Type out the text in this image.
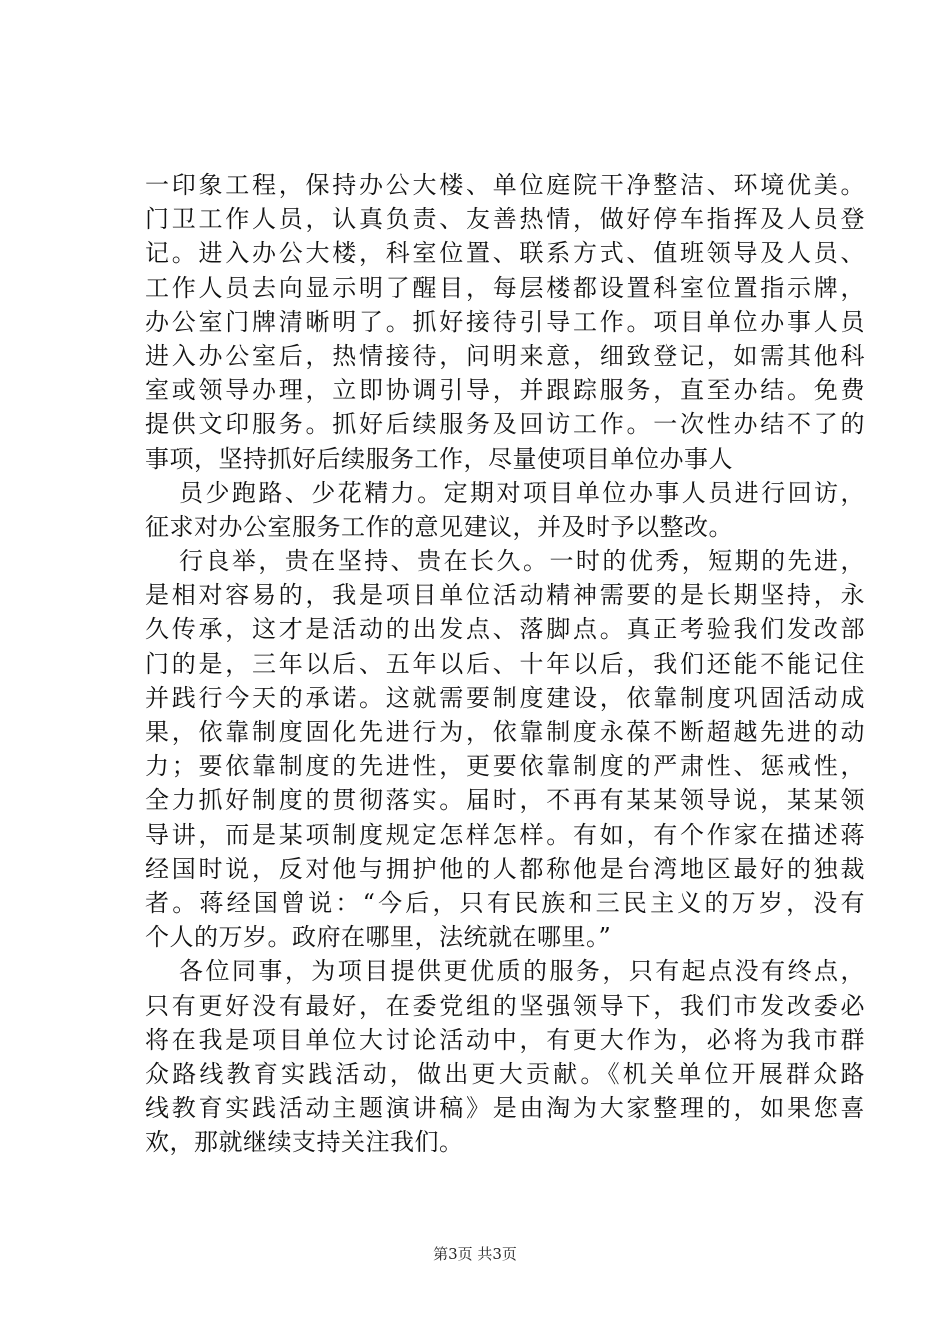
一印象工程，保持办公大楼、单位庭院干净整洁、环境优美。
门卫工作人员，认真负责、友善热情，做好停车指挥及人员登
记。进入办公大楼，科室位置、联系方式、值班领导及人员、
工作人员去向显示明了醒目，每层楼都设置科室位置指示牌，
办公室门牌清晰明了。抓好接待引导工作。项目单位办事人员
进入办公室后，热情接待，问明来意，细致登记，如需其他科
室或领导办理，立即协调引导，并跟踪服务，直至办结。免费
提供文印服务。抓好后续服务及回访工作。一次性办结不了的
事项，坚持抓好后续服务工作，尽量使项目单位办事人
员少跑路、少花精力。定期对项目单位办事人员进行回访，
征求对办公室服务工作的意见建议，并及时予以整改。
行良举，贵在坚持、贵在长久。一时的优秀，短期的先进，
是相对容易的，我是项目单位活动精神需要的是长期坚持，永
久传承，这才是活动的出发点、落脚点。真正考验我们发改部
门的是，三年以后、五年以后、十年以后，我们还能不能记住
并践行今天的承诺。这就需要制度建设，依靠制度巩固活动成
果，依靠制度固化先进行为，依靠制度永葆不断超越先进的动
力；要依靠制度的先进性，更要依靠制度的严肃性、惩戒性，
全力抓好制度的贯彻落实。届时，不再有某某领导说，某某领
导讲，而是某项制度规定怎样怎样。有如，有个作家在描述蒋
经国时说，反对他与拥护他的人都称他是台湾地区最好的独裁
者。蒋经国曾说：“今后，只有民族和三民主义的万岁，没有
个人的万岁。政府在哪里，法统就在哪里。”
各位同事，为项目提供更优质的服务，只有起点没有终点，
只有更好没有最好，在委党组的坚强领导下，我们市发改委必
将在我是项目单位大讨论活动中，有更大作为，必将为我市群
众路线教育实践活动，做出更大贡献。《机关单位开展群众路
线教育实践活动主题演讲稿》是由淘为大家整理的，如果您喜
欢，那就继续支持关注我们。
第3页 共3页
